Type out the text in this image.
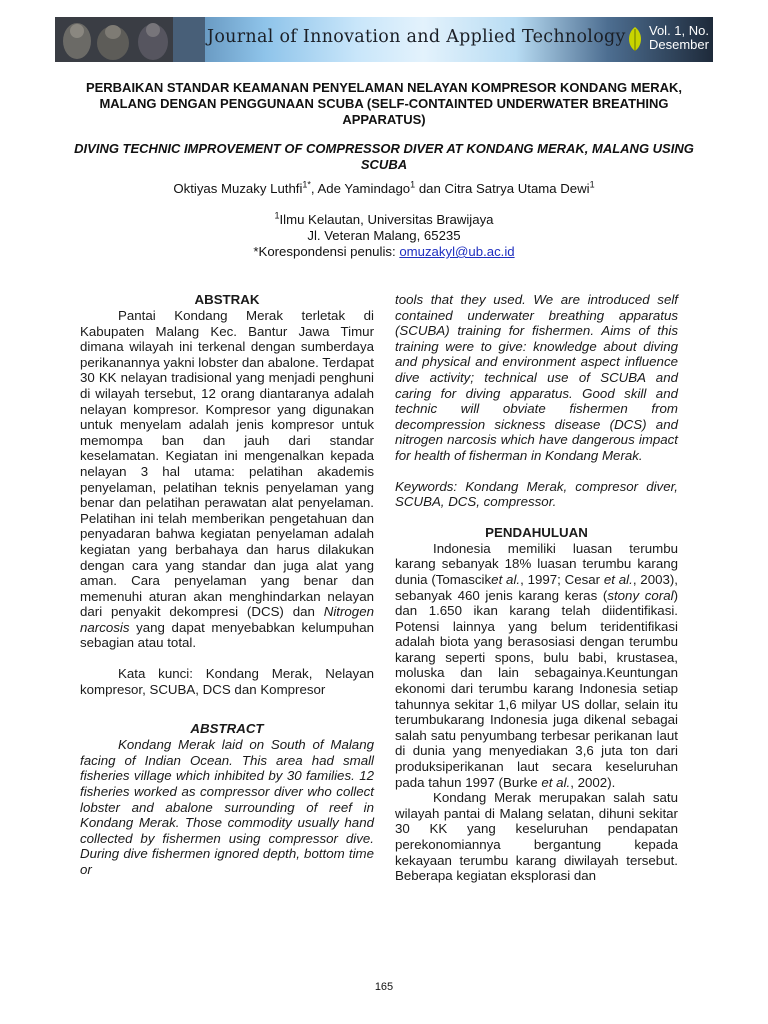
Journal of Innovation and Applied Technology Vol. 1, No. 2
Desember 2015
PERBAIKAN STANDAR KEAMANAN PENYELAMAN NELAYAN KOMPRESOR KONDANG MERAK, MALANG DENGAN PENGGUNAAN SCUBA (SELF-CONTAINTED UNDERWATER BREATHING APPARATUS)
DIVING TECHNIC IMPROVEMENT OF COMPRESSOR DIVER AT KONDANG MERAK, MALANG USING SCUBA
Oktiyas Muzaky Luthfi$^{1*}$, Ade Yamindago$^1$ dan Citra Satrya Utama Dewi$^1$

$^1$Ilmu Kelautan, Universitas Brawijaya

Jl. Veteran Malang, 65235

*Korespondensi penulis: omuzakyl@ub.ac.id

ABSTRAK

Pantai Kondang Merak terletak di Kabupaten Malang Kec. Bantur Jawa Timur dimana wilayah ini terkenal dengan sumberdaya perikanannya yakni lobster dan abalone. Terdapat 30 KK nelayan tradisional yang menjadi penghuni di wilayah tersebut, 12 orang diantaranya adalah nelayan kompresor. Kompresor yang digunakan untuk menyelam adalah jenis kompresor untuk memompa ban dan jauh dari standar keselamatan. Kegiatan ini mengenalkan kepada nelayan 3 hal utama: pelatihan akademis penyelaman, pelatihan teknis penyelaman yang benar dan pelatihan perawatan alat penyelaman. Pelatihan ini telah memberikan pengetahuan dan penyadaran bahwa kegiatan penyelaman adalah kegiatan yang berbahaya dan harus dilakukan dengan cara yang standar dan juga alat yang aman. Cara penyelaman yang benar dan memenuhi aturan akan menghindarkan nelayan dari penyakit dekompresi (DCS) dan Nitrogen narcosis yang dapat menyebabkan kelumpuhan sebagian atau total.

Kata kunci: Kondang Merak, Nelayan kompresor, SCUBA, DCS dan Kompresor

ABSTRACT

Kondang Merak laid on South of Malang facing of Indian Ocean. This area had small fisheries village which inhibited by 30 families. 12 fisheries worked as compressor diver who collect lobster and abalone surrounding of reef in Kondang Merak. Those commodity usually hand collected by fishermen using compressor dive. During dive fishermen ignored depth, bottom time or

tools that they used. We are introduced self contained underwater breathing apparatus (SCUBA) training for fishermen. Aims of this training were to give: knowledge about diving and physical and environment aspect influence dive activity; technical use of SCUBA and caring for diving apparatus. Good skill and technic will obviate fishermen from decompression sickness disease (DCS) and nitrogen narcosis which have dangerous impact for health of fisherman in Kondang Merak.

Keywords: Kondang Merak, compresor diver, SCUBA, DCS, compressor.

PENDAHULUAN

Indonesia memiliki luasan terumbu karang sebanyak 18% luasan terumbu karang dunia (Tomasciket al., 1997; Cesar et al., 2003), sebanyak 460 jenis karang keras (stony coral) dan 1.650 ikan karang telah diidentifikasi. Potensi lainnya yang belum teridentifikasi adalah biota yang berasosiasi dengan terumbu karang seperti spons, bulu babi, krustasea, moluska dan lain sebagainya.Keuntungan ekonomi dari terumbu karang Indonesia setiap tahunnya sekitar 1,6 milyar US dollar, selain itu terumbukarang Indonesia juga dikenal sebagai salah satu penyumbang terbesar perikanan laut di dunia yang menyediakan 3,6 juta ton dari produksiperikanan laut secara keseluruhan pada tahun 1997 (Burke et al., 2002).

Kondang Merak merupakan salah satu wilayah pantai di Malang selatan, dihuni sekitar 30 KK yang keseluruhan pendapatan perekonomiannya bergantung kepada kekayaan terumbu karang diwilayah tersebut. Beberapa kegiatan eksplorasi dan

165
